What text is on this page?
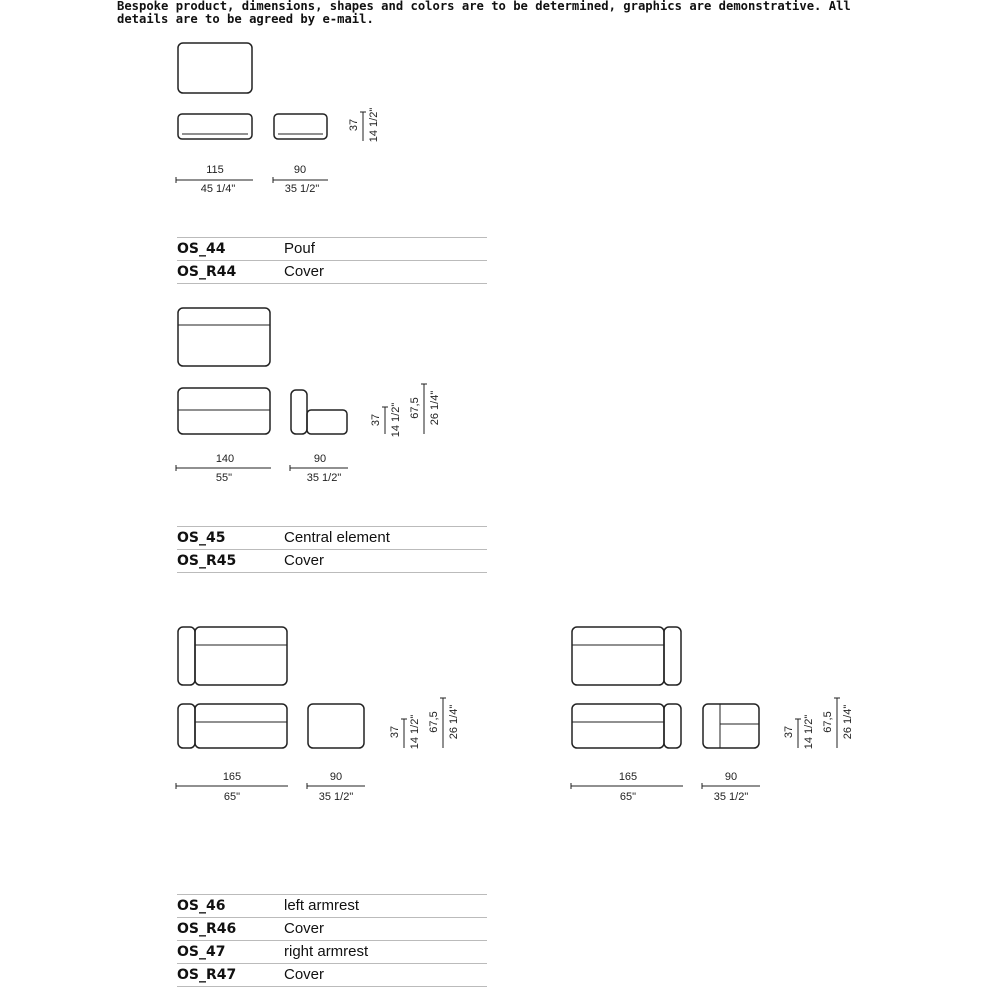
Bespoke product, dimensions, shapes and colors are to be determined, graphics are demonstrative. All details are to be agreed by e-mail.

115
45 1/4"
90
35 1/2"
37 14 1/2"
140
55"
90
35 1/2"
37 14 1/2" 67,5 26 1/4"
165
65"
90
35 1/2"
37 14 1/2" 67,5 26 1/4"
165
65"
90
35 1/2"
37 14 1/2" 67,5 26 1/4"
OS_44	Pouf
OS_R44	Cover
OS_45	Central element
OS_R45	Cover
OS_46	left armrest
OS_R46	Cover
OS_47	right armrest
OS_R47	Cover
